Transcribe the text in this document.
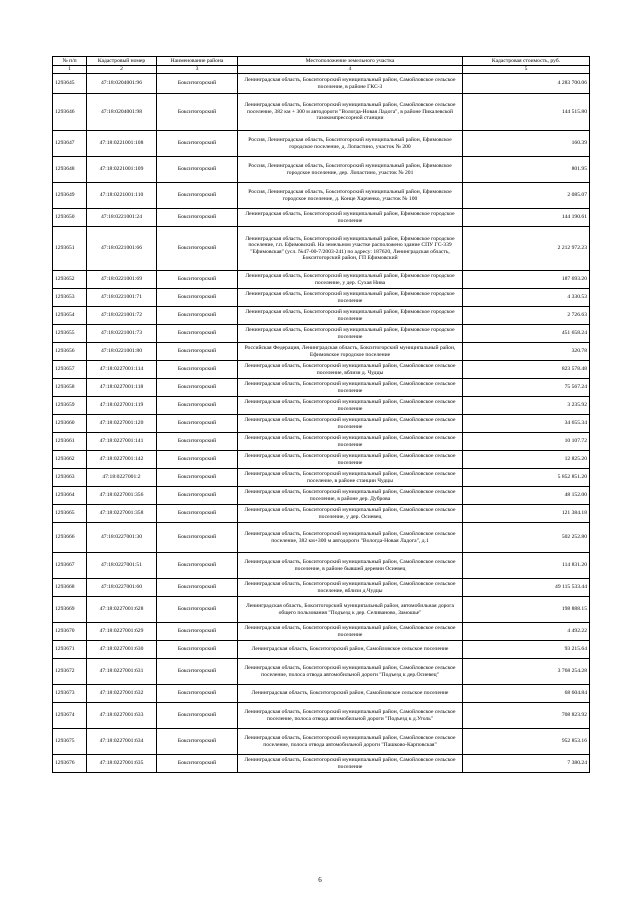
№ п/п	Кадастровый номер	Наименование района	Местоположение земельного участка	Кадастровая стоимость, руб.
1	2	3	4	5
1293645	47:18:0204001:96	Бокситогорский	Ленинградская область, Бокситогорский муниципальный район, Самойловское сельское поселение, в районе ГКС-3	4 283 700.06
1293646	47:18:0204001:98	Бокситогорский	Ленинградская область, Бокситогорский муниципальный район, Самойловское сельское поселение, 382 км + 300 м автодороги "Вологда-Новая Ладога", в районе Пикалевской газокомпрессорной станции	144 515.80
1293647	47:18:0221001:108	Бокситогорский	Россия, Ленинградская область, Бокситогорский муниципальный район, Ефимовское городское поселение, д. Лопастино, участок № 200	160.39
1293648	47:18:0221001:109	Бокситогорский	Россия, Ленинградская область, Бокситогорский муниципальный район, Ефимовское городское поселение, дер. Лопастино, участок № 201	801.95
1293649	47:18:0221001:110	Бокситогорский	Россия, Ленинградская область, Бокситогорский муниципальный район, Ефимовское городское поселение, д. Конце Харченко, участок № 100	2 085.07
1293650	47:18:0221001:24	Бокситогорский	Ленинградская область, Бокситогорский муниципальный район, Ефимовское городское поселение	144 190.61
1293651	47:18:0221001:66	Бокситогорский	Ленинградская область, Бокситогорский муниципальный район, Ефимовское городское поселение, г.п. Ефимовский. На земельном участке расположено здание СПУ ГС-339 "Ефимовская" (усл. №47-00-7/2003-241) по адресу: 187620, Ленинградская область, Бокситогорский район, ГП Ефимовский	2 212 972.23
1293652	47:18:0221001:69	Бокситогорский	Ленинградская область, Бокситогорский муниципальный район, Ефимовское городское поселение, у дер. Сухая Нива	187 693.20
1293653	47:18:0221001:71	Бокситогорский	Ленинградская область, Бокситогорский муниципальный район, Ефимовское городское поселение	4 330.53
1293654	47:18:0221001:72	Бокситогорский	Ленинградская область, Бокситогорский муниципальный район, Ефимовское городское поселение	2 726.63
1293655	47:18:0221001:73	Бокситогорский	Ленинградская область, Бокситогорский муниципальный район, Ефимовское городское поселение	451 658.24
1293656	47:18:0221001:80	Бокситогорский	Российская Федерация, Ленинградская область, Бокситогорский муниципальный район, Ефимовское городское поселение	320.78
1293657	47:18:0227001:114	Бокситогорский	Ленинградская область, Бокситогорский муниципальный район, Самойловское сельское поселение, вблизи д. Чудцы	823 578.48
1293658	47:18:0227001:118	Бокситогорский	Ленинградская область, Бокситогорский муниципальный район, Самойловское сельское поселение	75 567.24
1293659	47:18:0227001:119	Бокситогорский	Ленинградская область, Бокситогорский муниципальный район, Самойловское сельское поселение	3 235.92
1293660	47:18:0227001:120	Бокситогорский	Ленинградская область, Бокситогорский муниципальный район, Самойловское сельское поселение	34 655.34
1293661	47:18:0227001:141	Бокситогорский	Ленинградская область, Бокситогорский муниципальный район, Самойловское сельское поселение	10 107.72
1293662	47:18:0227001:142	Бокситогорский	Ленинградская область, Бокситогорский муниципальный район, Самойловское сельское поселение	12 825.20
1293663	47:18:0227001:2	Бокситогорский	Ленинградская область, Бокситогорский муниципальный район, Самойловское сельское поселение, в районе станции Чудцы	5 852 851.20
1293664	47:18:0227001:356	Бокситогорский	Ленинградская область, Бокситогорский муниципальный район, Самойловское сельское поселение, в районе дер. Дуброва	48 152.00
1293665	47:18:0227001:358	Бокситогорский	Ленинградская область, Бокситогорский муниципальный район, Самойловское сельское поселение, у дер. Осиевец	121 384.18
1293666	47:18:0227001:30	Бокситогорский	Ленинградская область, Бокситогорский муниципальный район, Самойловское сельское поселение, 382 км+300 м автодороги "Вологда-Новая Ладога", д.1	502 252.80
1293667	47:18:0227001:51	Бокситогорский	Ленинградская область, Бокситогорский муниципальный район, Самойловское сельское поселение, в районе бывшей деревни Осиевец	114 831.20
1293668	47:18:0227001:60	Бокситогорский	Ленинградская область, Бокситогорский муниципальный район, Самойловское сельское поселение, вблизи д.Чудцы	49 115 533.44
1293669	47:18:0227001:628	Бокситогорский	Ленинградская область, Бокситогорский муниципальный район, автомобильная дорога общего пользования "Подъезд к дер. Селиваново, Замошье"	198 888.15
1293670	47:18:0227001:629	Бокситогорский	Ленинградская область, Бокситогорский муниципальный район, Самойловское сельское поселение	4 492.22
1293671	47:18:0227001:630	Бокситогорский	Ленинградская область, Бокситогорский район, Самойловское сельское поселение	93 215.64
1293672	47:18:0227001:631	Бокситогорский	Ленинградская область, Бокситогорский муниципальный район, Самойловское сельское поселение, полоса отвода автомобильной дороги "Подъезд к дер.Осиевец"	3 768 254.28
1293673	47:18:0227001:632	Бокситогорский	Ленинградская область, Бокситогорский район, Самойловское сельское поселение	68 604.84
1293674	47:18:0227001:633	Бокситогорский	Ленинградская область, Бокситогорский муниципальный район, Самойловское сельское поселение, полоса отвода автомобильной дороги "Подъезд к д.Уголь"	708 823.92
1293675	47:18:0227001:634	Бокситогорский	Ленинградская область, Бокситогорский муниципальный район, Самойловское сельское поселение, полоса отвода автомобильной дороги "Пашково-Карповская"	952 853.16
1293676	47:18:0227001:635	Бокситогорский	Ленинградская область, Бокситогорский муниципальный район, Самойловское сельское поселение	7 380.24
6
